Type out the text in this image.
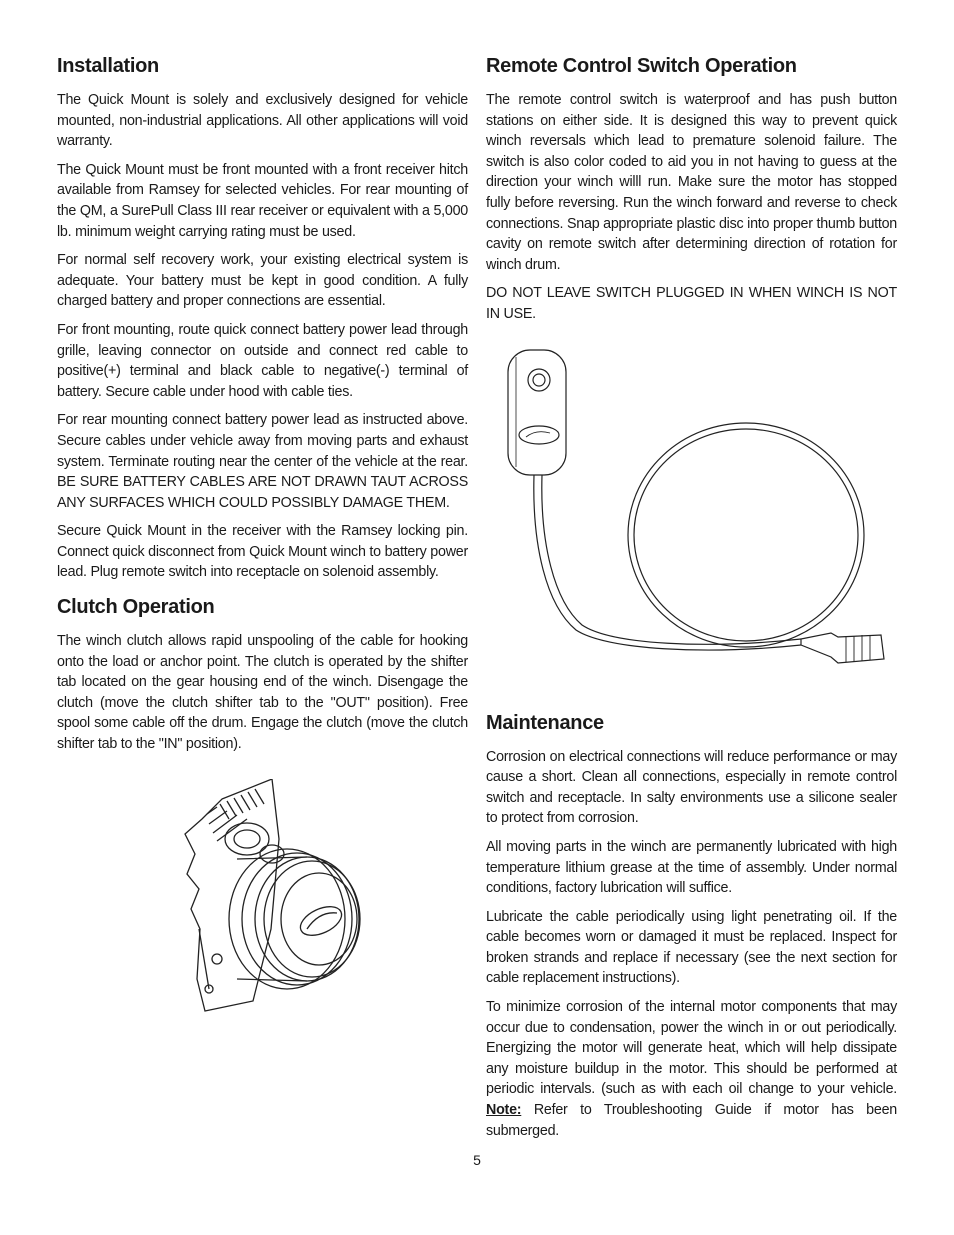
Installation

The Quick Mount is solely and exclusively designed for vehicle mounted, non-industrial applications. All other applications will void warranty.

The Quick Mount must be front mounted with a front receiver hitch available from Ramsey for selected vehicles. For rear mounting of the QM, a SurePull Class III rear receiver or equivalent with a 5,000 lb. minimum weight carrying rating must be used.

For normal self recovery work, your existing electrical system is adequate. Your battery must be kept in good condition. A fully charged battery and proper connections are essential.

For front mounting, route quick connect battery power lead through grille, leaving connector on outside and connect red cable to positive(+) terminal and black cable to negative(-) terminal of battery. Secure cable under hood with cable ties.

For rear mounting connect battery power lead as instructed above. Secure cables under vehicle away from moving parts and exhaust system. Terminate routing near the center of the vehicle at the rear. BE SURE BATTERY CABLES ARE NOT DRAWN TAUT ACROSS ANY SURFACES WHICH COULD POSSIBLY DAMAGE THEM.

Secure Quick Mount in the receiver with the Ramsey locking pin. Connect quick disconnect from Quick Mount winch to battery power lead. Plug remote switch into receptacle on solenoid assembly.

Clutch Operation

The winch clutch allows rapid unspooling of the cable for hooking onto the load or anchor point. The clutch is operated by the shifter tab located on the gear housing end of the winch. Disengage the clutch (move the clutch shifter tab to the "OUT" position). Free spool some cable off the drum. Engage the clutch (move the clutch shifter tab to the "IN" position).

Remote Control Switch Operation

The remote control switch is waterproof and has push button stations on either side. It is designed this way to prevent quick winch reversals which lead to premature solenoid failure. The switch is also color coded to aid you in not having to guess at the direction your winch willl run. Make sure the motor has stopped fully before reversing. Run the winch forward and reverse to check connections. Snap appropriate plastic disc into proper thumb button cavity on remote switch after determining direction of rotation for winch drum.

DO NOT LEAVE SWITCH PLUGGED IN WHEN WINCH IS NOT IN USE.

Maintenance

Corrosion on electrical connections will reduce performance or may cause a short. Clean all connections, especially in remote control switch and receptacle. In salty environments use a silicone sealer to protect from corrosion.

All moving parts in the winch are permanently lubricated with high temperature lithium grease at the time of assembly. Under normal conditions, factory lubrication will suffice.

Lubricate the cable periodically using light penetrating oil. If the cable becomes worn or damaged it must be replaced. Inspect for broken strands and replace if necessary (see the next section for cable replacement instructions).

To minimize corrosion of the internal motor components that may occur due to condensation, power the winch in or out periodically. Energizing the motor will generate heat, which will help dissipate any moisture buildup in the motor. This should be performed at periodic intervals. (such as with each oil change to your vehicle. Note: Refer to Troubleshooting Guide if motor has been submerged.

5
